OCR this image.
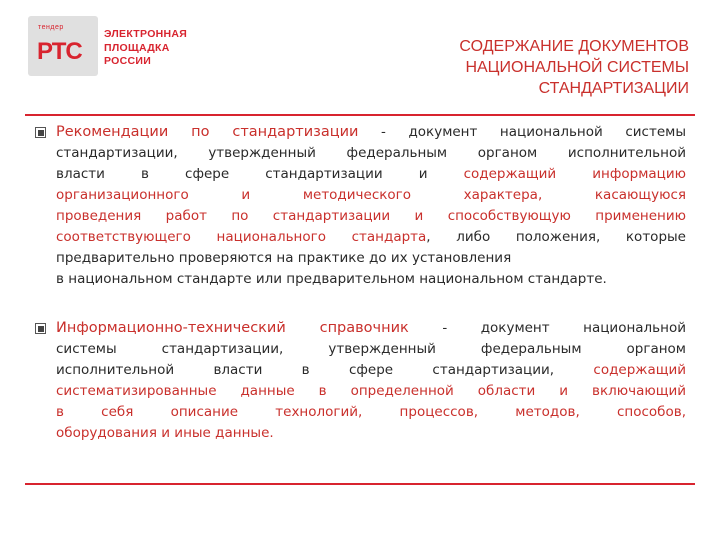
тендер
РТС
ЭЛЕКТРОННАЯ
ПЛОЩАДКА
РОССИИ
СОДЕРЖАНИЕ ДОКУМЕНТОВ
НАЦИОНАЛЬНОЙ СИСТЕМЫ
СТАНДАРТИЗАЦИИ
Рекомендации по стандартизации - документ национальной системы
стандартизации, утвержденный федеральным органом исполнительной
власти в сфере стандартизации и содержащий информацию
организационного и методического характера, касающуюся
проведения работ по стандартизации и способствующую применению
соответствующего национального стандарта, либо положения, которые
предварительно проверяются на практике до их установления
в национальном стандарте или предварительном национальном стандарте.
Информационно-технический справочник - документ национальной
системы стандартизации, утвержденный федеральным органом
исполнительной власти в сфере стандартизации, содержащий
систематизированные данные в определенной области и включающий
в себя описание технологий, процессов, методов, способов,
оборудования и иные данные.
